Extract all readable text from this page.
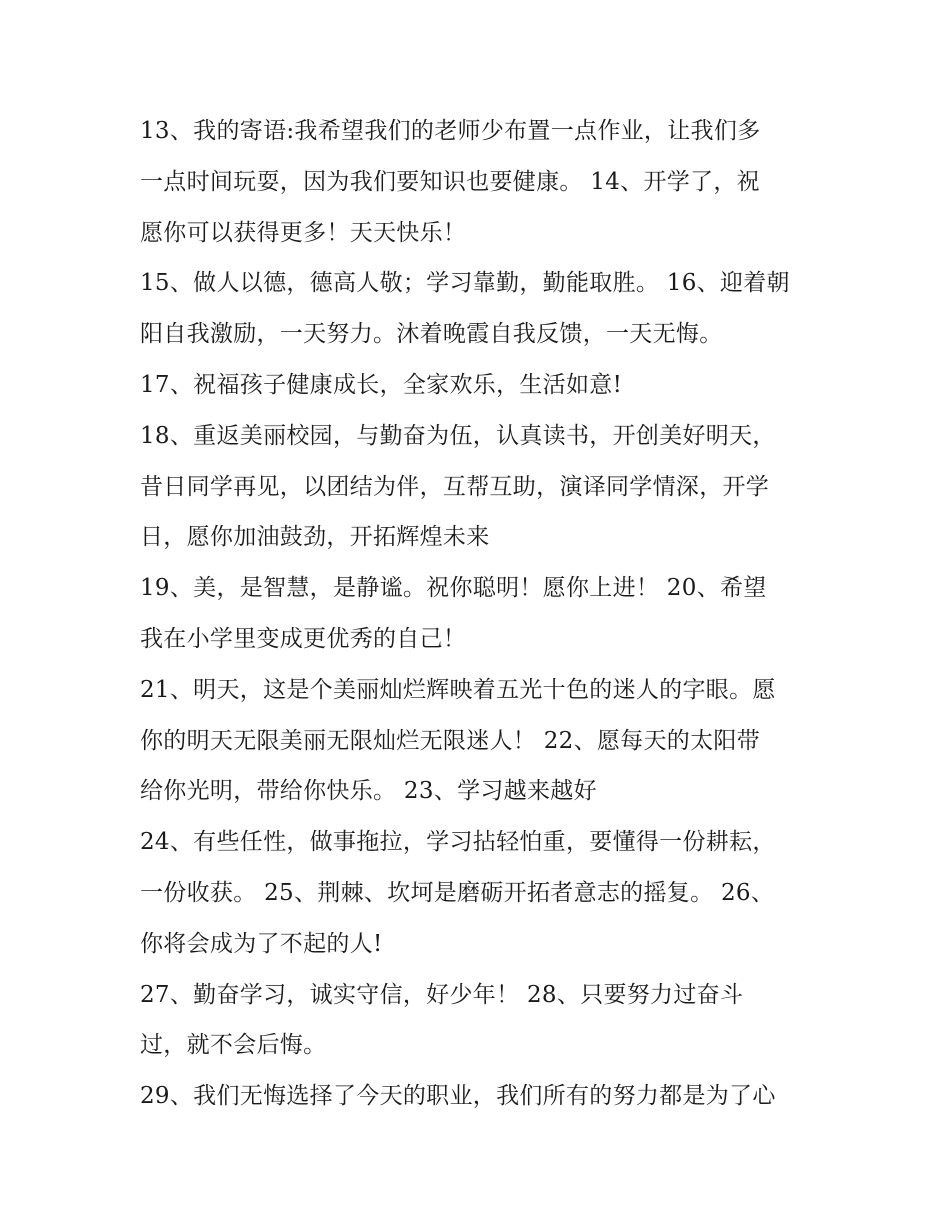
13、我的寄语:我希望我们的老师少布置一点作业，让我们多
一点时间玩耍，因为我们要知识也要健康。 14、开学了，祝
愿你可以获得更多！天天快乐！
15、做人以德，德高人敬；学习靠勤，勤能取胜。 16、迎着朝
阳自我激励，一天努力。沐着晚霞自我反馈，一天无悔。
17、祝福孩子健康成长，全家欢乐，生活如意!
18、重返美丽校园，与勤奋为伍，认真读书，开创美好明天，
昔日同学再见，以团结为伴，互帮互助，演译同学情深，开学
日，愿你加油鼓劲，开拓辉煌未来
19、美，是智慧，是静谧。祝你聪明！愿你上进！ 20、希望
我在小学里变成更优秀的自己！
21、明天，这是个美丽灿烂辉映着五光十色的迷人的字眼。愿
你的明天无限美丽无限灿烂无限迷人！ 22、愿每天的太阳带
给你光明，带给你快乐。 23、学习越来越好
24、有些任性，做事拖拉，学习拈轻怕重，要懂得一份耕耘，
一份收获。 25、荆棘、坎坷是磨砺开拓者意志的摇复。 26、
你将会成为了不起的人!
27、勤奋学习，诚实守信，好少年！ 28、只要努力过奋斗
过，就不会后悔。
29、我们无悔选择了今天的职业，我们所有的努力都是为了心
